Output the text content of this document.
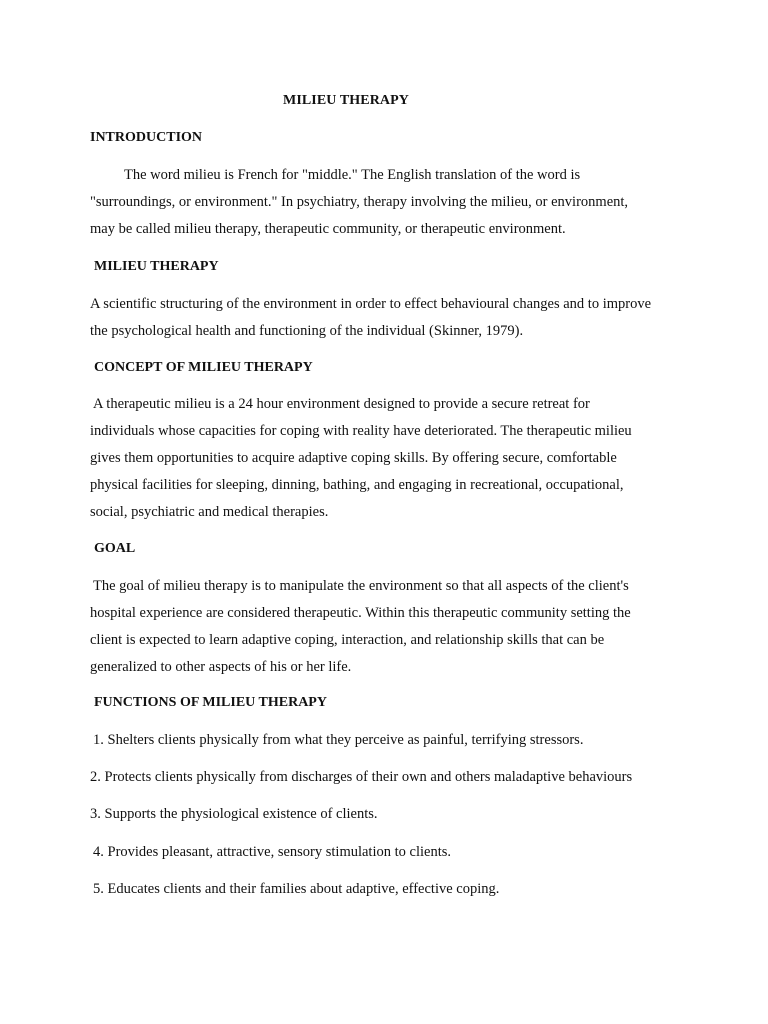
MILIEU THERAPY
INTRODUCTION
The word milieu is French for "middle." The English translation of the word is
"surroundings, or environment." In psychiatry, therapy involving the milieu, or environment,
may be called milieu therapy, therapeutic community, or therapeutic environment.
MILIEU THERAPY
A scientific structuring of the environment in order to effect behavioural changes and to improve
the psychological health and functioning of the individual (Skinner, 1979).
CONCEPT OF MILIEU THERAPY
A therapeutic milieu is a 24 hour environment designed to provide a secure retreat for
individuals whose capacities for coping with reality have deteriorated. The therapeutic milieu
gives them opportunities to acquire adaptive coping skills. By offering secure, comfortable
physical facilities for sleeping, dinning, bathing, and engaging in recreational, occupational,
social, psychiatric and medical therapies.
GOAL
The goal of milieu therapy is to manipulate the environment so that all aspects of the client's
hospital experience are considered therapeutic. Within this therapeutic community setting the
client is expected to learn adaptive coping, interaction, and relationship skills that can be
generalized to other aspects of his or her life.
FUNCTIONS OF MILIEU THERAPY
1. Shelters clients physically from what they perceive as painful, terrifying stressors.
2. Protects clients physically from discharges of their own and others maladaptive behaviours
3. Supports the physiological existence of clients.
4. Provides pleasant, attractive, sensory stimulation to clients.
5. Educates clients and their families about adaptive, effective coping.
